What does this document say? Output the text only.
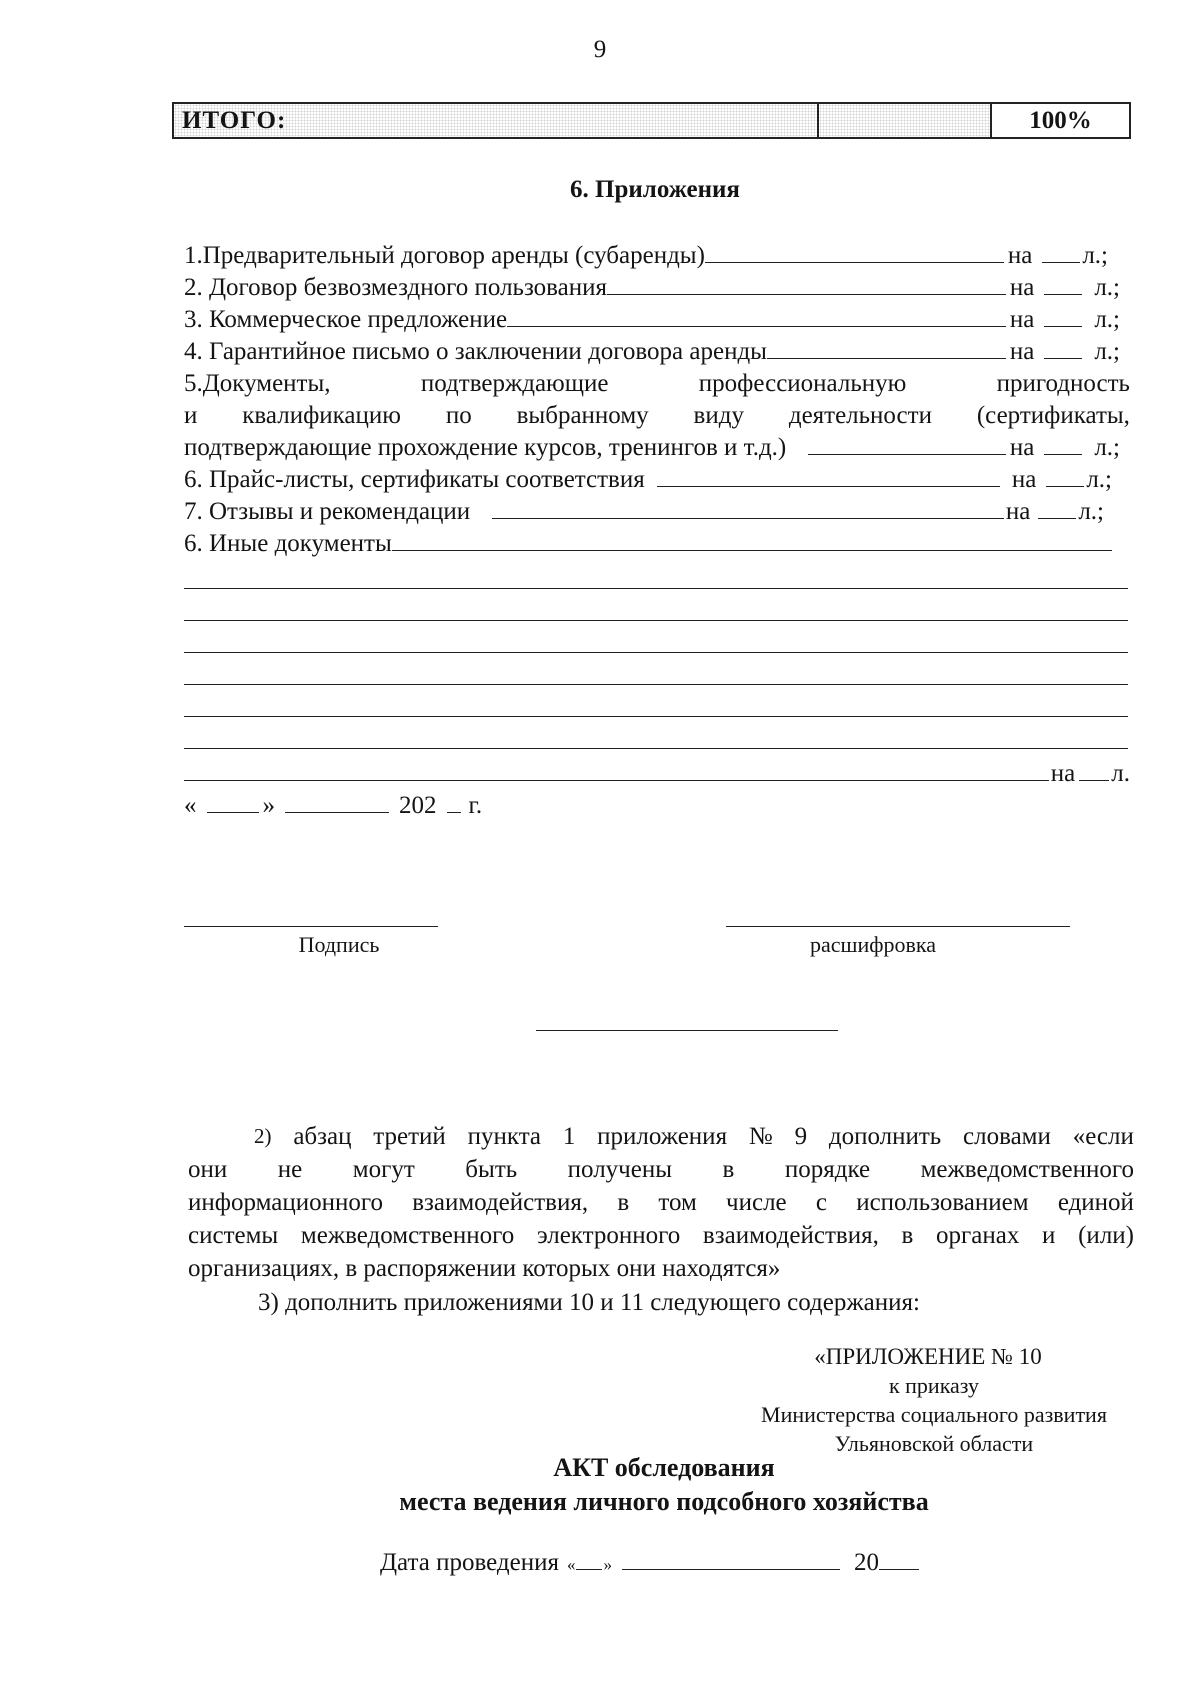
9
ИТОГО:	100%
6. Приложения
1.Предварительный договор аренды (субаренды)	на л.;
2. Договор безвозмездного пользования	на л.;
3. Коммерческое предложение	на л.;
4. Гарантийное письмо о заключении договора аренды	на л.;
5.Документы,	подтверждающие	профессиональную	пригодность
и квалификацию по выбранному виду деятельности (сертификаты,
подтверждающие прохождение курсов, тренингов и т.д.)	на л.;
6. Прайс-листы, сертификаты соответствия	на л.;
7. Отзывы и рекомендации	на л.;
6. Иные документы
на л.
«	»	202 г.
Подпись	расшифровка
2) абзац третий пункта 1 приложения № 9 дополнить словами «если
они не могут быть получены в порядке межведомственного
информационного взаимодействия, в том числе с использованием единой
системы межведомственного электронного взаимодействия, в органах и (или)
организациях, в распоряжении которых они находятся»
3) дополнить приложениями 10 и 11 следующего содержания:
«ПРИЛОЖЕНИЕ № 10
к приказу
Министерства социального развития
Ульяновской области
АКТ обследования
места ведения личного подсобного хозяйства
Дата проведения « »	20
